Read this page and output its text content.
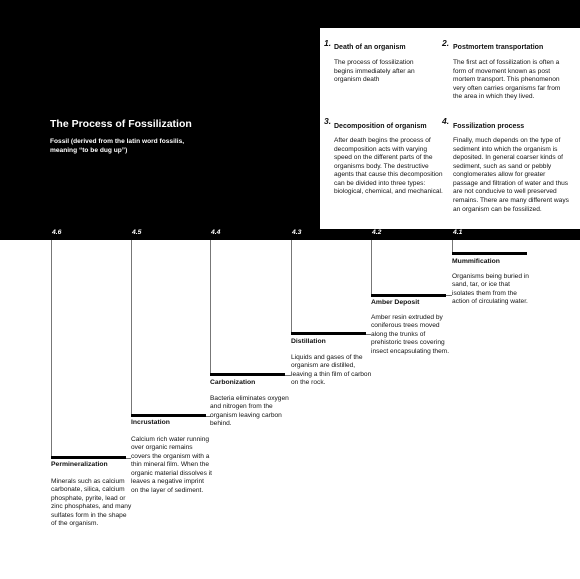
The Process of Fossilization

Fossil (derived from the latin word fossilis, meaning “to be dug up”)

1. Death of an organism
The process of fossilization begins immediately after an organism death
2. Postmortem transportation
The first act of fossilization is often a form of movement known as post mortem transport. This phenomenon very often carries organisms far from the area in which they lived.
3.
Decomposition of organism
After death begins the process of decomposition acts with varying speed on the different parts of the organisms body. The destructive agents that cause this decomposition can be divided into three types: biological, chemical, and mechanical.
4.
Fossilization process
Finally, much depends on the type of sediment into which the organism is deposited. In general coarser kinds of sediment, such as sand or pebbly conglomerates allow for greater passage and filtration of water and thus are not conducive to well preserved remains. There are many different ways an organism can be fossilized.
4.6	4.5	4.4	4.3	4.2	4.1
Permineralization
Minerals such as calcium carbonate, silica, calcium phosphate, pyrite, lead or zinc phosphates, and many sulfates form in the shape of the organism.
Incrustation
Calcium rich water running over organic remains covers the organism with a thin mineral film. When the organic material dissolves it leaves a negative imprint on the layer of sediment.
Carbonization
Bacteria eliminates oxygen and nitrogen from the organism leaving carbon behind.
Distillation
Liquids and gases of the organism are distilled, leaving a thin film of carbon on the rock.
Amber Deposit
Amber resin extruded by coniferous trees moved along the trunks of prehistoric trees covering insect encapsulating them.
Mummification
Organisms being buried in sand, tar, or ice that isolates them from the action of circulating water.
